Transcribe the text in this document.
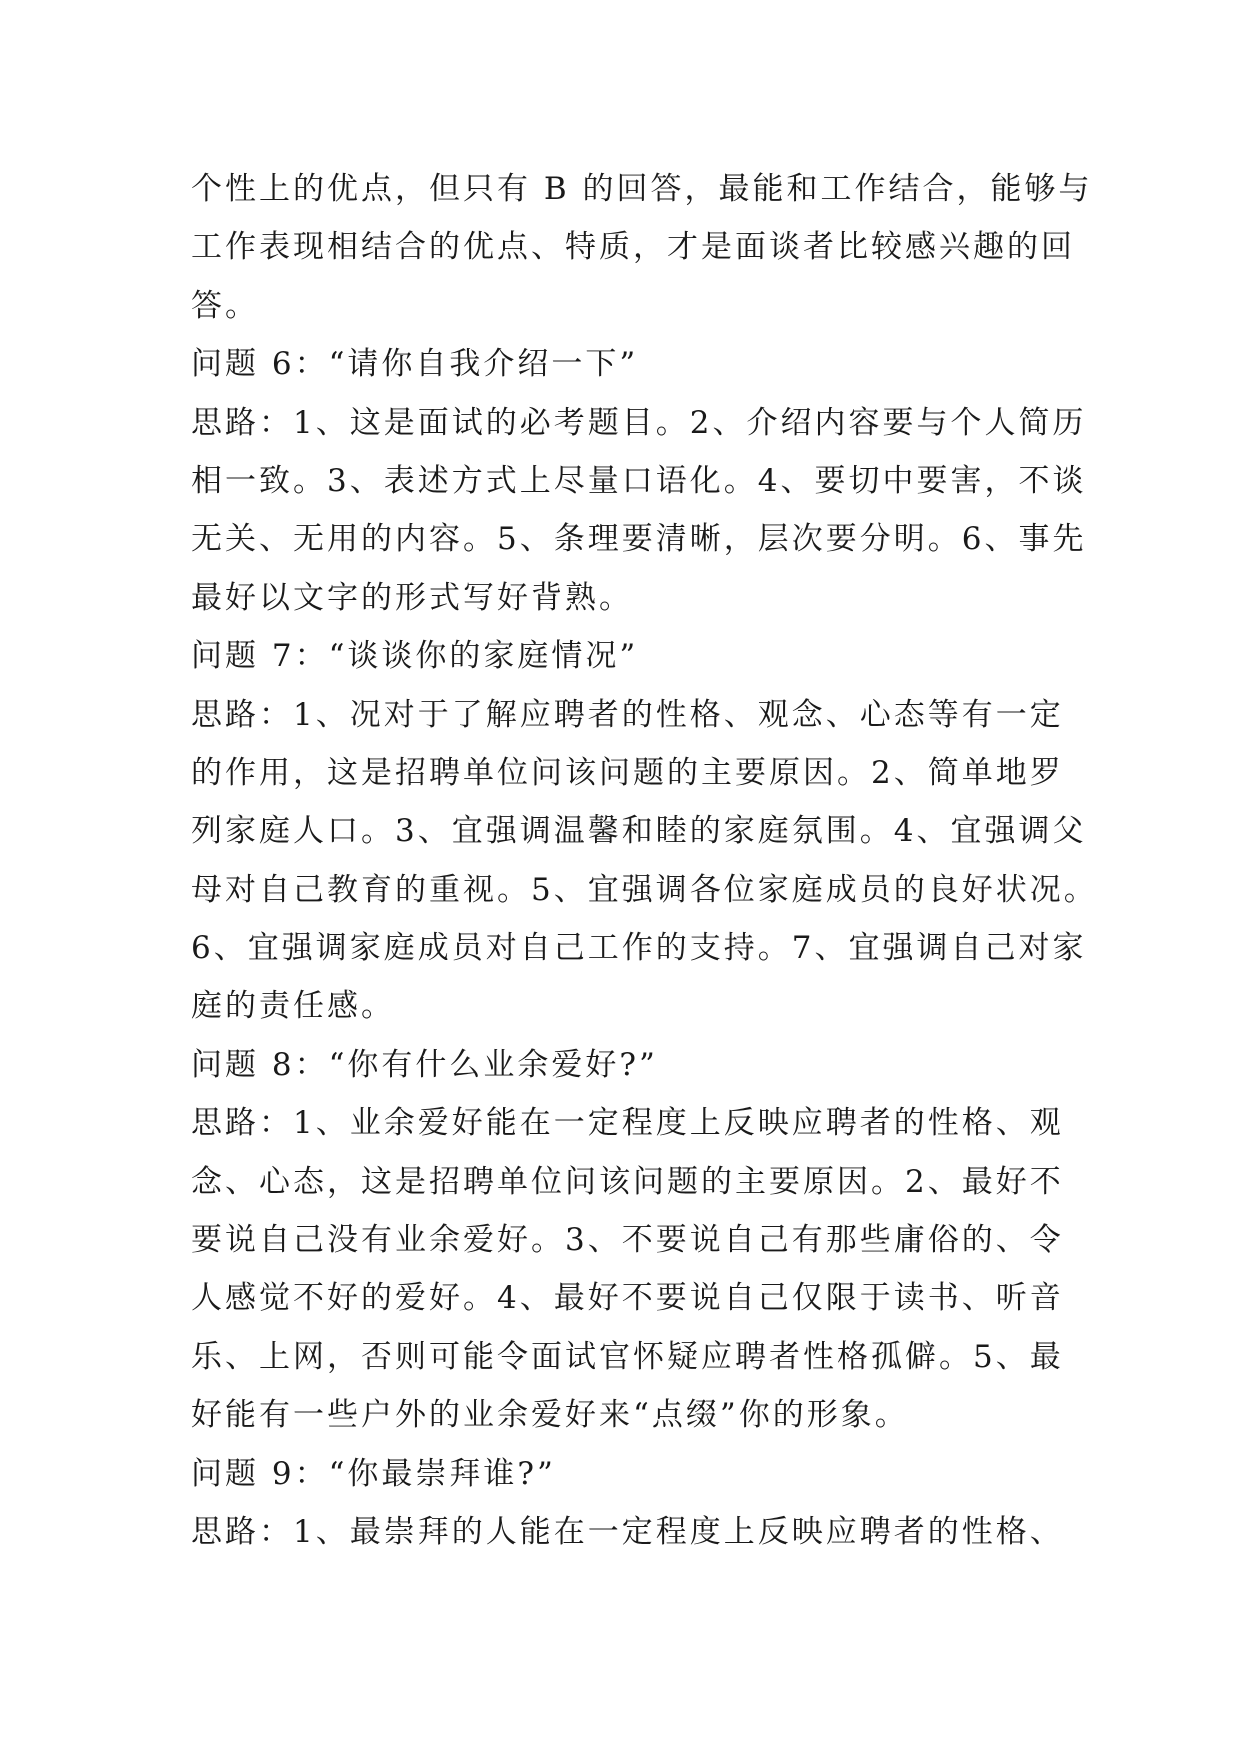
个性上的优点，但只有 B 的回答，最能和工作结合，能够与
工作表现相结合的优点、特质，才是面谈者比较感兴趣的回
答。
问题 6：“请你自我介绍一下”
思路：1、这是面试的必考题目。2、介绍内容要与个人简历
相一致。3、表述方式上尽量口语化。4、要切中要害，不谈
无关、无用的内容。5、条理要清晰，层次要分明。6、事先
最好以文字的形式写好背熟。
问题 7：“谈谈你的家庭情况”
思路：1、况对于了解应聘者的性格、观念、心态等有一定
的作用，这是招聘单位问该问题的主要原因。2、简单地罗
列家庭人口。3、宜强调温馨和睦的家庭氛围。4、宜强调父
母对自己教育的重视。5、宜强调各位家庭成员的良好状况。
6、宜强调家庭成员对自己工作的支持。7、宜强调自己对家
庭的责任感。
问题 8：“你有什么业余爱好?”
思路：1、业余爱好能在一定程度上反映应聘者的性格、观
念、心态，这是招聘单位问该问题的主要原因。2、最好不
要说自己没有业余爱好。3、不要说自己有那些庸俗的、令
人感觉不好的爱好。4、最好不要说自己仅限于读书、听音
乐、上网，否则可能令面试官怀疑应聘者性格孤僻。5、最
好能有一些户外的业余爱好来“点缀”你的形象。
问题 9：“你最崇拜谁?”
思路：1、最崇拜的人能在一定程度上反映应聘者的性格、
